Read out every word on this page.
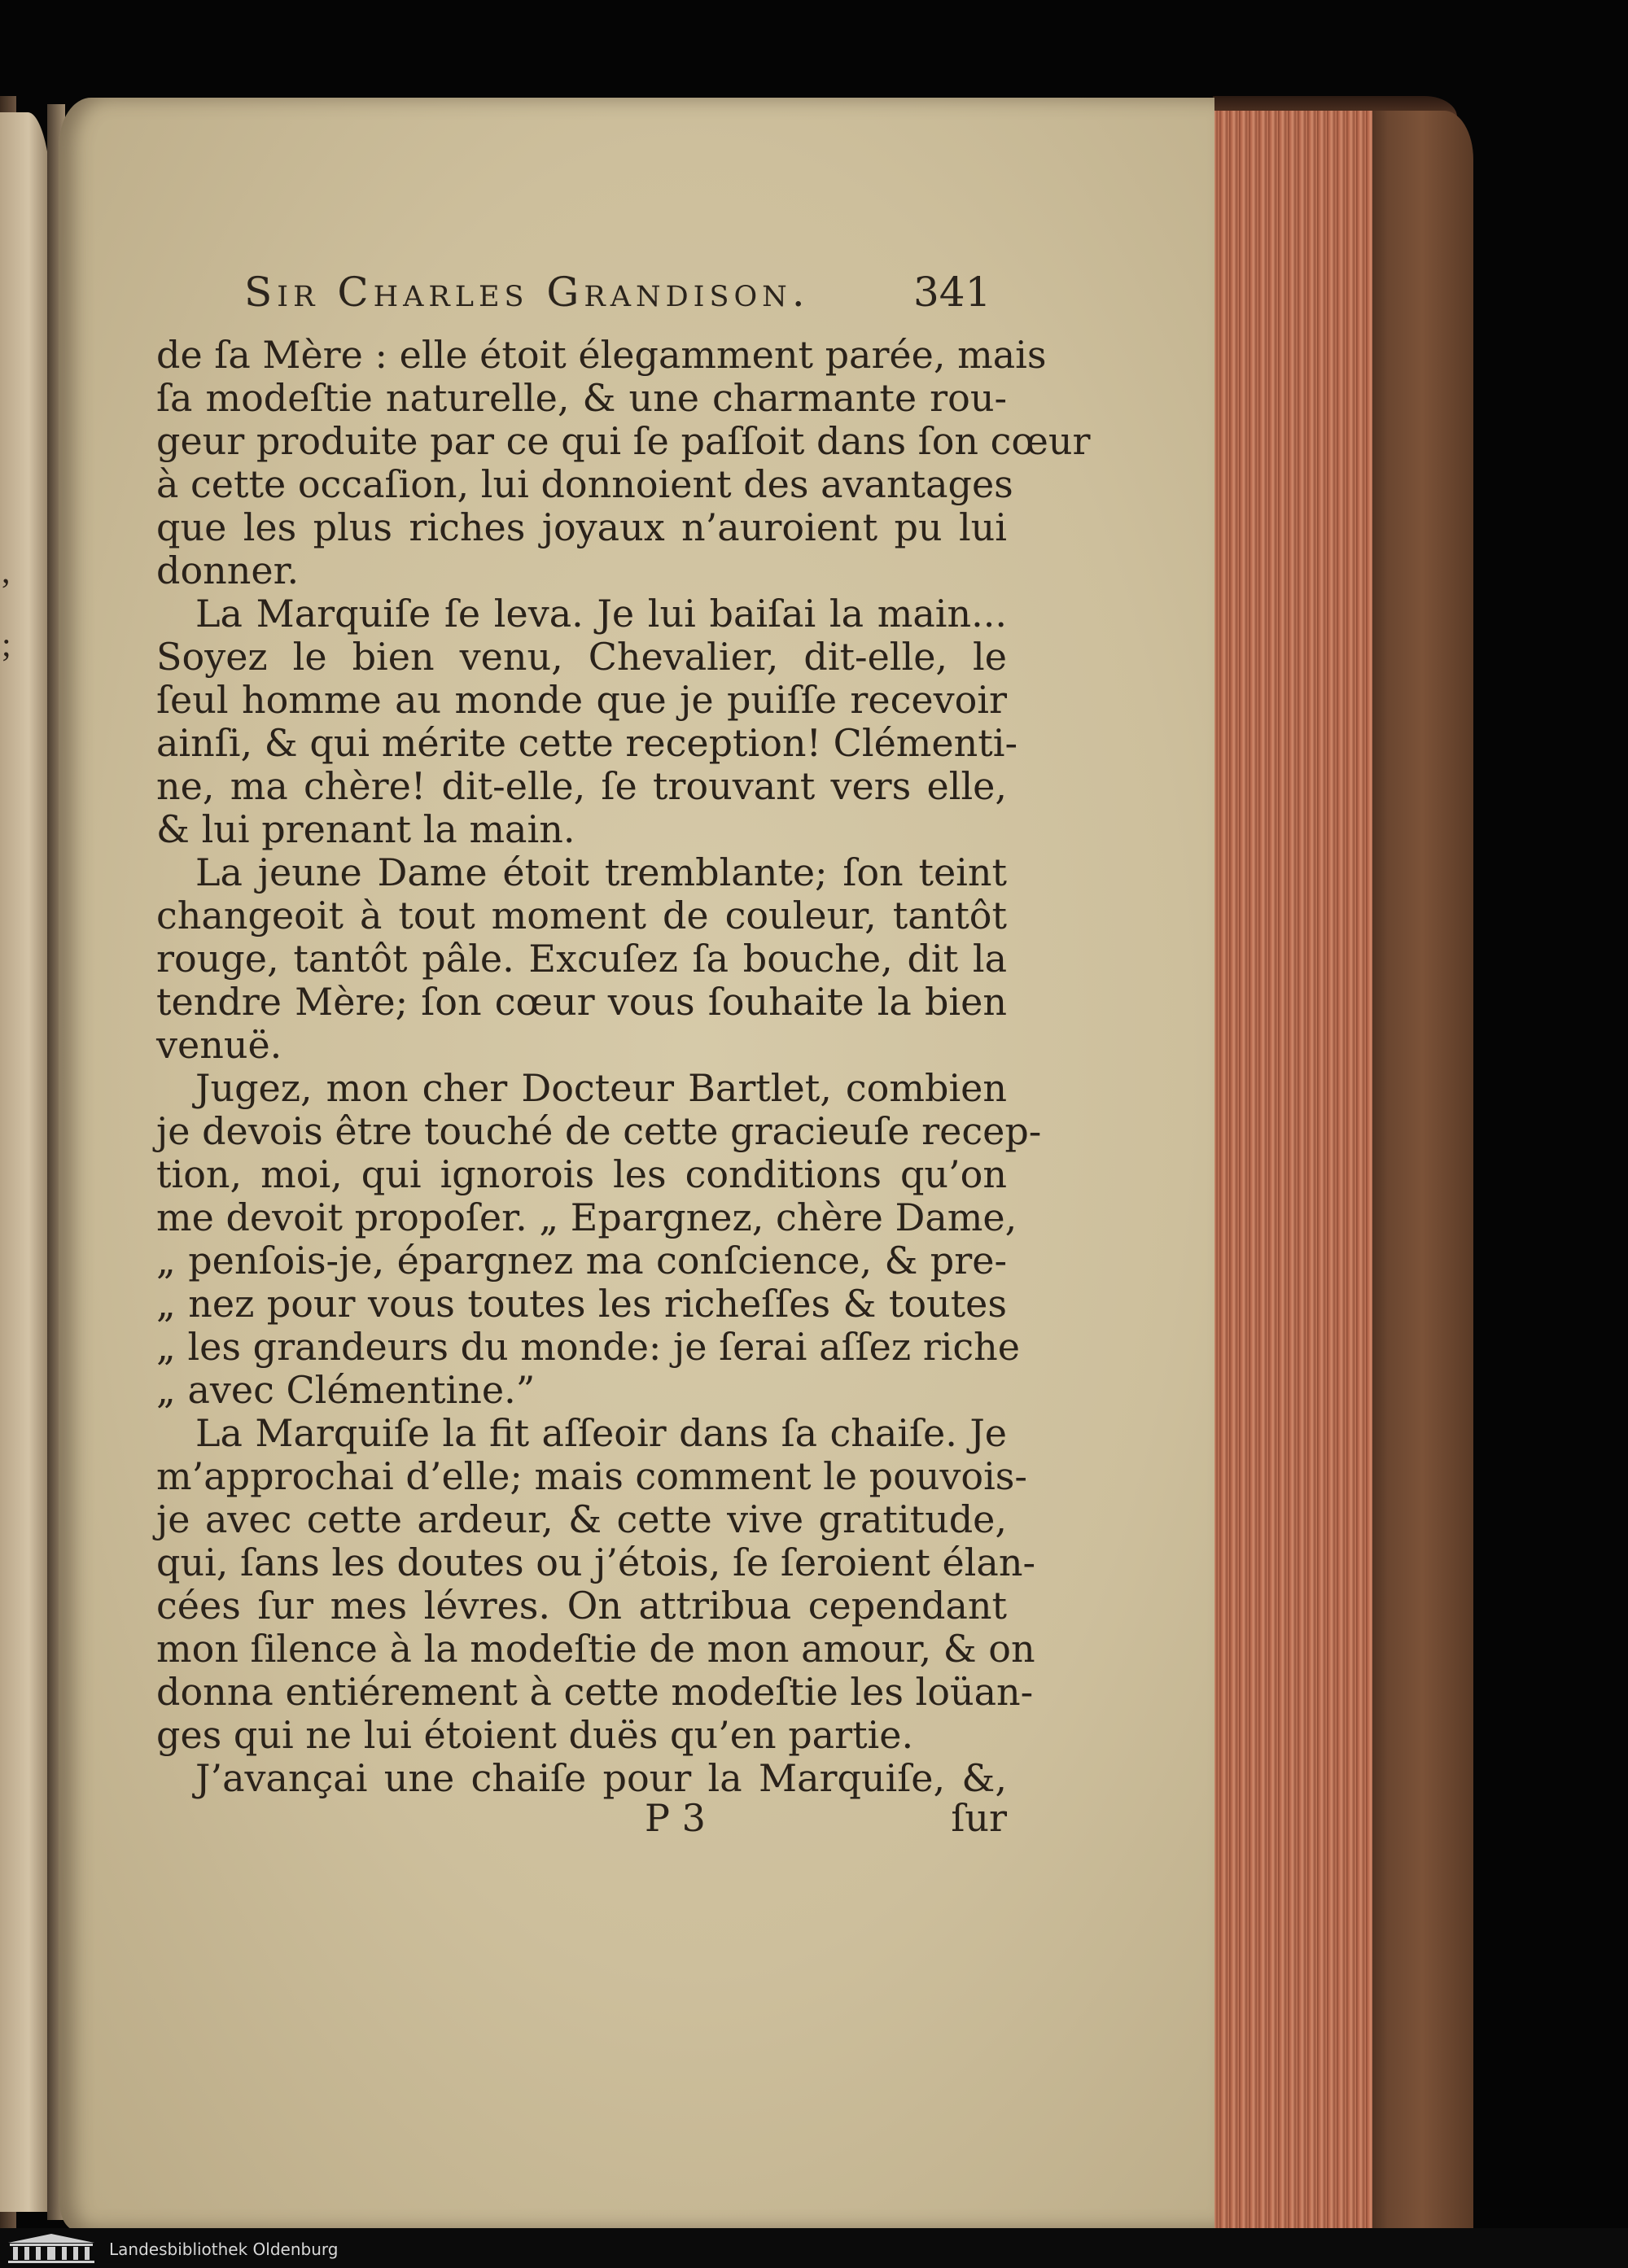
,
;
Sir Charles Grandison.	341
de ſa Mère : elle étoit élegamment parée, mais
ſa modeſtie naturelle, & une charmante rou-
geur produite par ce qui ſe paſſoit dans ſon cœur
à cette occaſion, lui donnoient des avantages
que les plus riches joyaux n’auroient pu lui
donner.
La Marquiſe ſe leva. Je lui baiſai la main...
Soyez le bien venu, Chevalier, dit-elle, le
ſeul homme au monde que je puiſſe recevoir
ainſi, & qui mérite cette reception! Clémenti-
ne, ma chère! dit-elle, ſe trouvant vers elle,
& lui prenant la main.
La jeune Dame étoit tremblante; ſon teint
changeoit à tout moment de couleur, tantôt
rouge, tantôt pâle. Excuſez ſa bouche, dit la
tendre Mère; ſon cœur vous ſouhaite la bien
venuë.
Jugez, mon cher Docteur Bartlet, combien
je devois être touché de cette gracieuſe recep-
tion, moi, qui ignorois les conditions qu’on
me devoit propoſer. „ Epargnez, chère Dame,
„ penſois-je, épargnez ma conſcience, & pre-
„ nez pour vous toutes les richeſſes & toutes
„ les grandeurs du monde: je ſerai aſſez riche
„ avec Clémentine.”
La Marquiſe la fit aſſeoir dans ſa chaiſe. Je
m’approchai d’elle; mais comment le pouvois-
je avec cette ardeur, & cette vive gratitude,
qui, ſans les doutes ou j’étois, ſe ſeroient élan-
cées ſur mes lévres. On attribua cependant
mon ſilence à la modeſtie de mon amour, & on
donna entiérement à cette modeſtie les loüan-
ges qui ne lui étoient duës qu’en partie.
J’avançai une chaiſe pour la Marquiſe, &,
P 3	ſur
Landesbibliothek Oldenburg
